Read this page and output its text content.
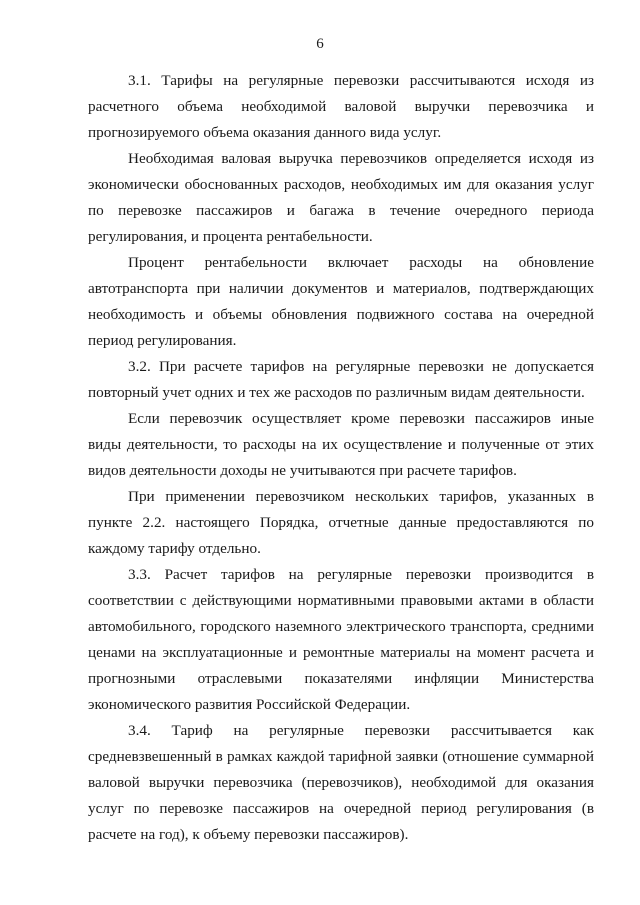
6

3.1. Тарифы на регулярные перевозки рассчитываются исходя из расчетного объема необходимой валовой выручки перевозчика и прогнозируемого объема оказания данного вида услуг.

Необходимая валовая выручка перевозчиков определяется исходя из экономически обоснованных расходов, необходимых им для оказания услуг по перевозке пассажиров и багажа в течение очередного периода регулирования, и процента рентабельности.

Процент рентабельности включает расходы на обновление автотранспорта при наличии документов и материалов, подтверждающих необходимость и объемы обновления подвижного состава на очередной период регулирования.

3.2. При расчете тарифов на регулярные перевозки не допускается повторный учет одних и тех же расходов по различным видам деятельности.

Если перевозчик осуществляет кроме перевозки пассажиров иные виды деятельности, то расходы на их осуществление и полученные от этих видов деятельности доходы не учитываются при расчете тарифов.

При применении перевозчиком нескольких тарифов, указанных в пункте 2.2. настоящего Порядка, отчетные данные предоставляются по каждому тарифу отдельно.

3.3. Расчет тарифов на регулярные перевозки производится в соответствии с действующими нормативными правовыми актами в области автомобильного, городского наземного электрического транспорта, средними ценами на эксплуатационные и ремонтные материалы на момент расчета и прогнозными отраслевыми показателями инфляции Министерства экономического развития Российской Федерации.

3.4. Тариф на регулярные перевозки рассчитывается как средневзвешенный в рамках каждой тарифной заявки (отношение суммарной валовой выручки перевозчика (перевозчиков), необходимой для оказания услуг по перевозке пассажиров на очередной период регулирования (в расчете на год), к объему перевозки пассажиров).
